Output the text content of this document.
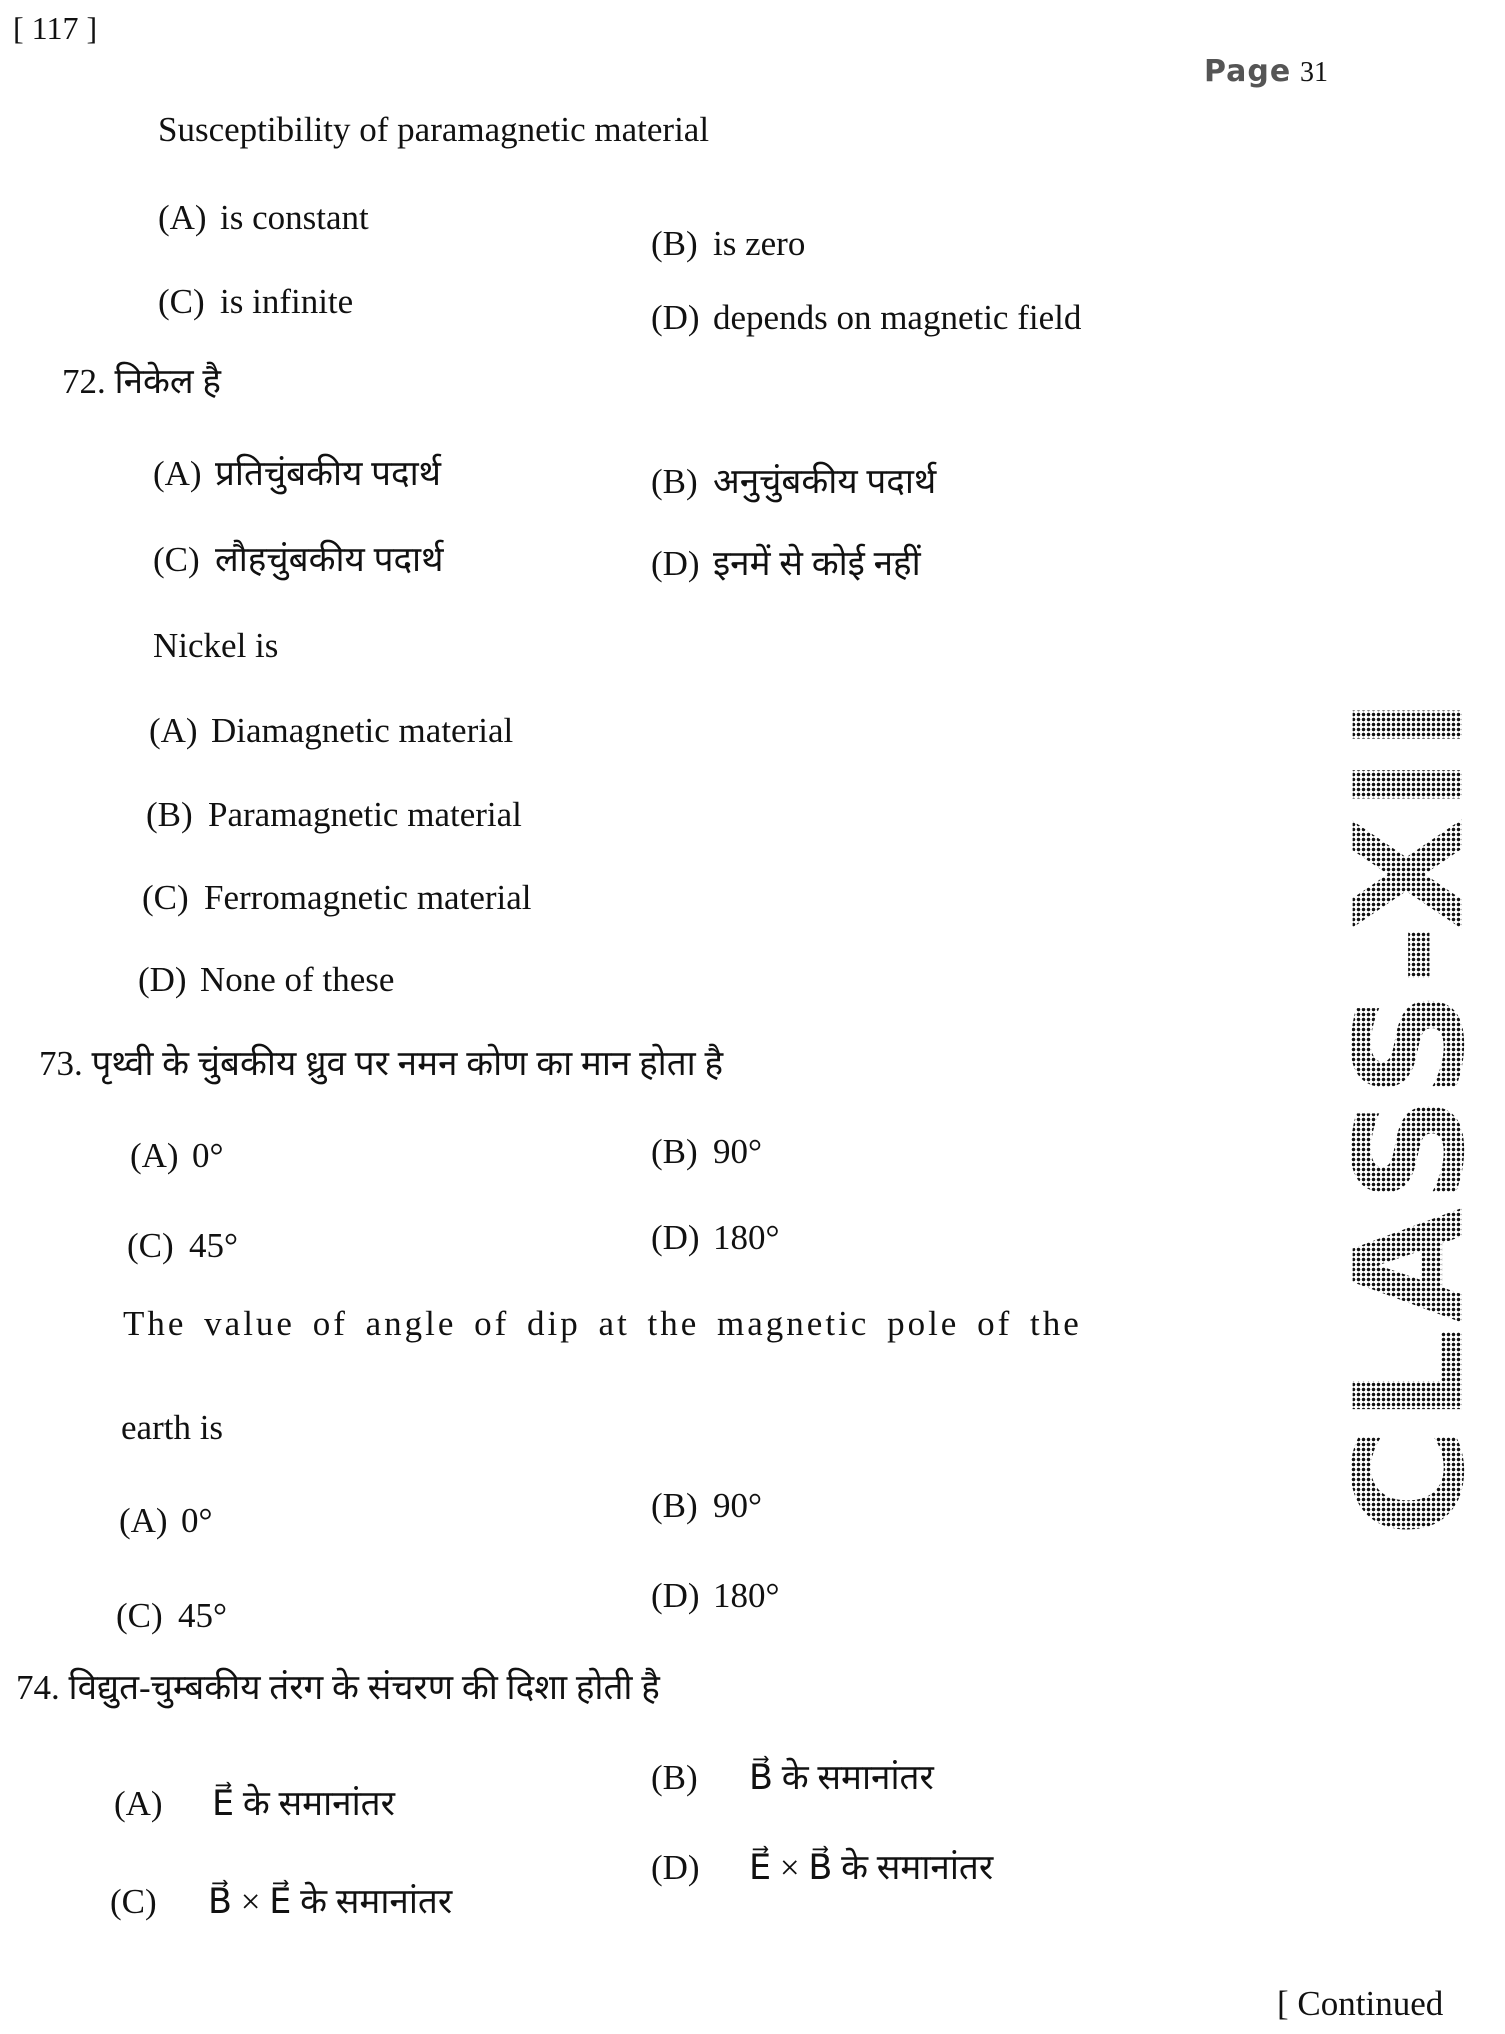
[ 117 ]
Page 31
CLASS-XII
Susceptibility of paramagnetic material
(A) is constant
(B) is zero
(C) is infinite	(D) depends on magnetic field
72. निकेल है
(A) प्रतिचुंबकीय पदार्थ	(B) अनुचुंबकीय पदार्थ
(C) लौहचुंबकीय पदार्थ	(D) इनमें से कोई नहीं
Nickel is
(A) Diamagnetic material
(B) Paramagnetic material
(C) Ferromagnetic material
(D) None of these
73. पृथ्वी के चुंबकीय ध्रुव पर नमन कोण का मान होता है
(A) 0°	(B) 90°
(C) 45°	(D) 180°
The value of angle of dip at the magnetic pole of the
earth is
(A) 0°	(B) 90°
(C) 45°
(D) 180°
74. विद्युत-चुम्बकीय तंरग के संचरण की दिशा होती है
(A) E⃗ के समानांतर
(B) B⃗ के समानांतर
(C) B⃗ × E⃗ के समानांतर
(D) E⃗ × B⃗ के समानांतर
[ Continued
